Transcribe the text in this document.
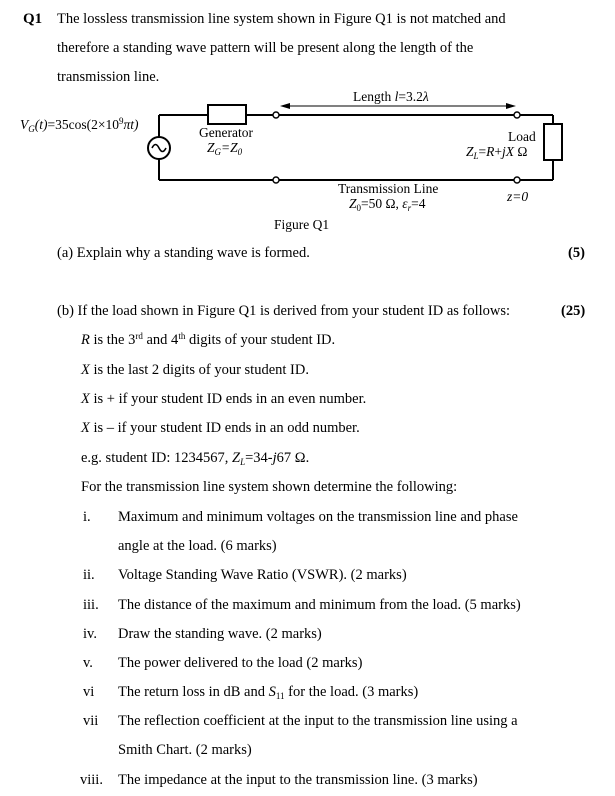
Q1 The lossless transmission line system shown in Figure Q1 is not matched and
therefore a standing wave pattern will be present along the length of the
transmission line.
$V_G(t)=35\cos(2\times 10^9\pi t)$
Length l=3.2λ
Generator
$Z_G=Z_0$
Load
$Z_L=R+jX$ Ω
Transmission Line
$Z_0=50$ Ω, $\varepsilon_r=4$	z=0
Figure Q1
(a) Explain why a standing wave is formed.	(5)
(b) If the load shown in Figure Q1 is derived from your student ID as follows:	(25)
R is the 3rd and 4th digits of your student ID.
X is the last 2 digits of your student ID.
X is + if your student ID ends in an even number.
X is – if your student ID ends in an odd number.
e.g. student ID: 1234567, $Z_L=34-j67$ Ω.
For the transmission line system shown determine the following:
i. Maximum and minimum voltages on the transmission line and phase
angle at the load. (6 marks)
ii. Voltage Standing Wave Ratio (VSWR). (2 marks)
iii. The distance of the maximum and minimum from the load. (5 marks)
iv. Draw the standing wave. (2 marks)
v. The power delivered to the load (2 marks)
vi The return loss in dB and $S_{11}$ for the load. (3 marks)
vii The reflection coefficient at the input to the transmission line using a
Smith Chart. (2 marks)
viii. The impedance at the input to the transmission line. (3 marks)
